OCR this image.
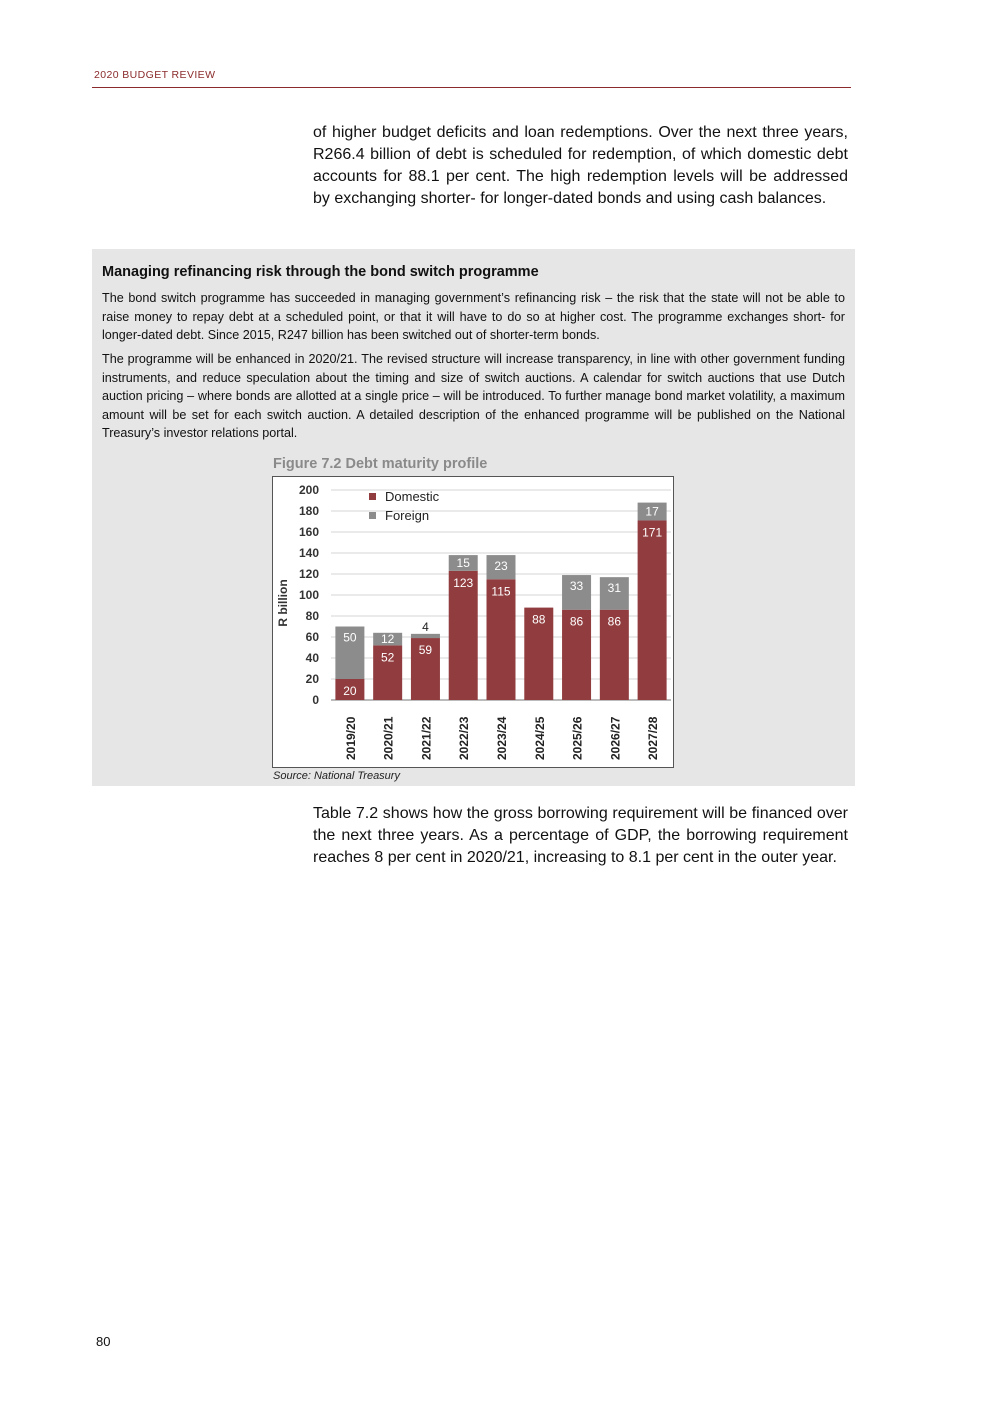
2020 BUDGET REVIEW
of higher budget deficits and loan redemptions. Over the next three years, R266.4 billion of debt is scheduled for redemption, of which domestic debt accounts for 88.1 per cent. The high redemption levels will be addressed by exchanging shorter- for longer-dated bonds and using cash balances.
Managing refinancing risk through the bond switch programme
The bond switch programme has succeeded in managing government’s refinancing risk – the risk that the state will not be able to raise money to repay debt at a scheduled point, or that it will have to do so at higher cost. The programme exchanges short- for longer-dated debt. Since 2015, R247 billion has been switched out of shorter-term bonds.
The programme will be enhanced in 2020/21. The revised structure will increase transparency, in line with other government funding instruments, and reduce speculation about the timing and size of switch auctions. A calendar for switch auctions that use Dutch auction pricing – where bonds are allotted at a single price – will be introduced. To further manage bond market volatility, a maximum amount will be set for each switch auction. A detailed description of the enhanced programme will be published on the National Treasury’s investor relations portal.
Figure 7.2 Debt maturity profile
0
20
40
60
80
100
120
140
160
180
200
R billion
20
50
2019/20
52
12
2020/21
59
4
2021/22
123
15
2022/23
115
23
2023/24
88
2024/25
86
33
2025/26
86
31
2026/27
171
17
2027/28
Domestic
Foreign
Source: National Treasury
Table 7.2 shows how the gross borrowing requirement will be financed over the next three years. As a percentage of GDP, the borrowing requirement reaches 8 per cent in 2020/21, increasing to 8.1 per cent in the outer year.
80
